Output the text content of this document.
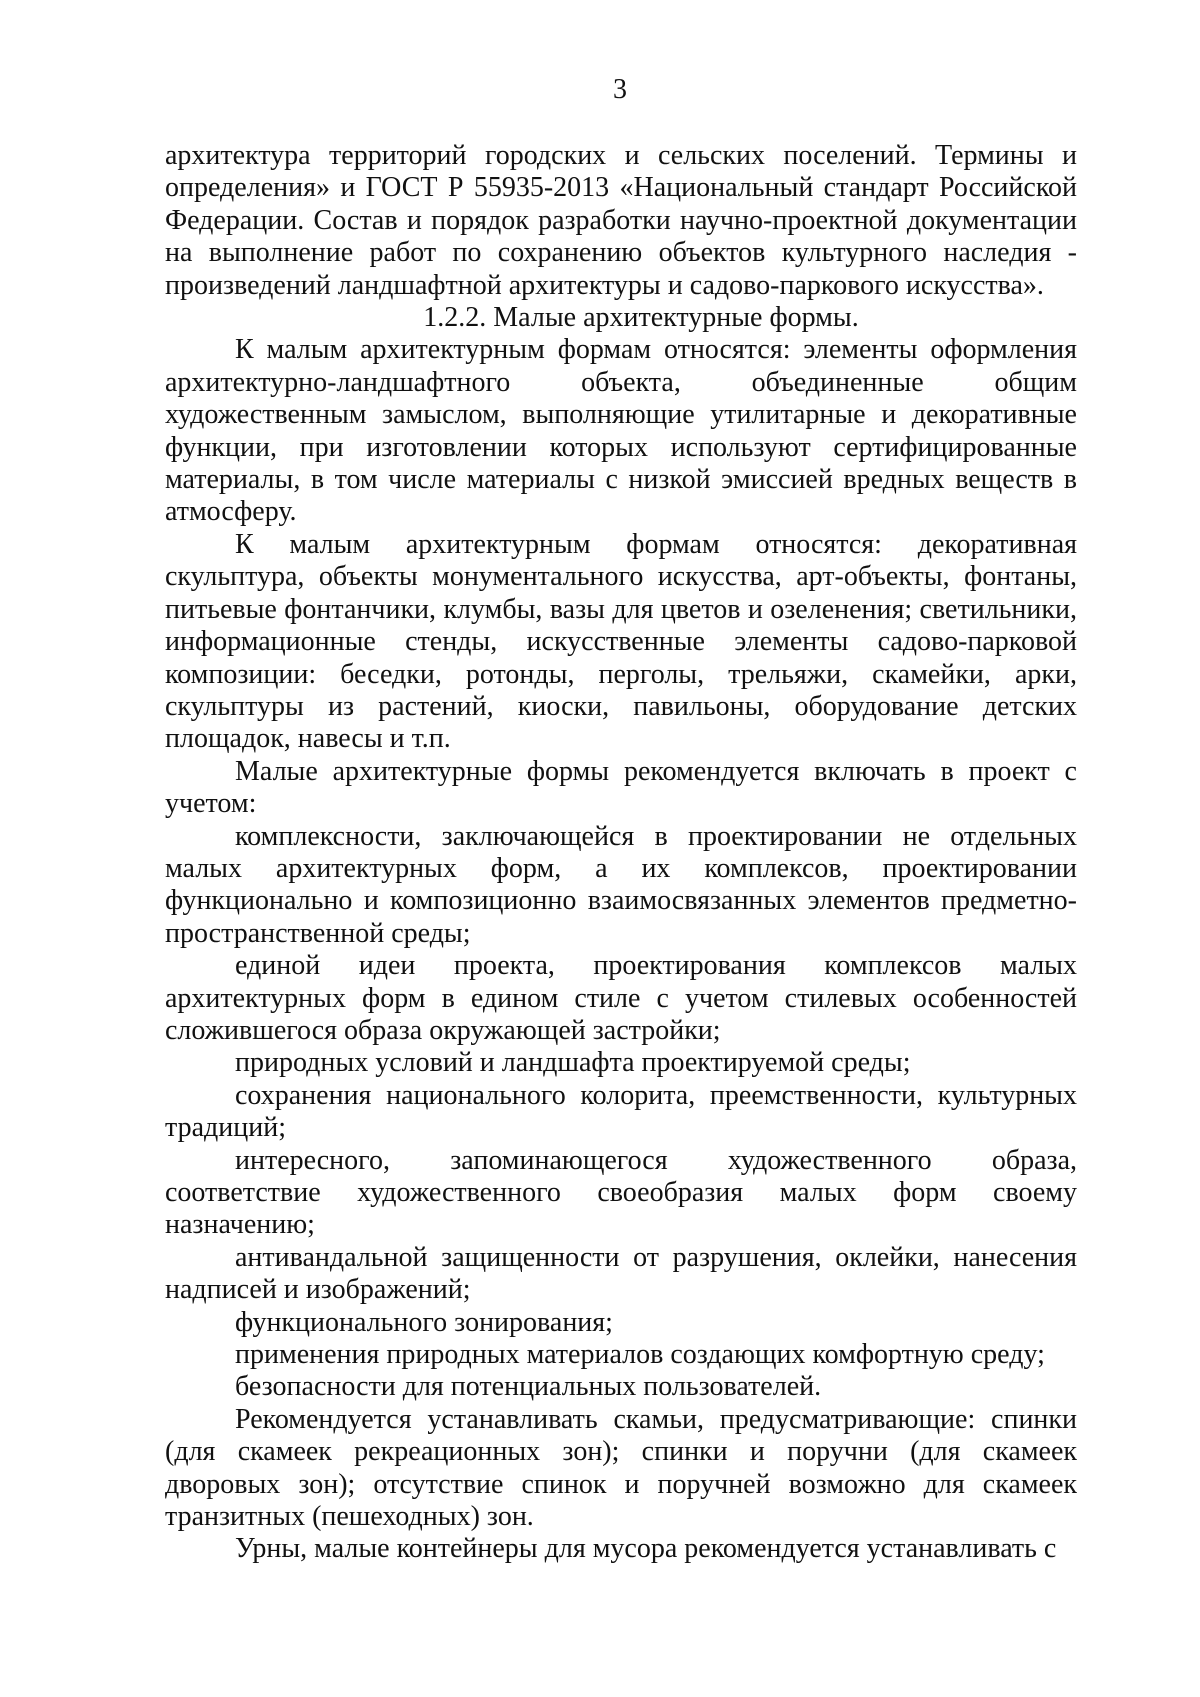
3

архитектура территорий городских и сельских поселений. Термины и определения» и ГОСТ Р 55935-2013 «Национальный стандарт Российской Федерации. Состав и порядок разработки научно-проектной документации на выполнение работ по сохранению объектов культурного наследия - произведений ландшафтной архитектуры и садово-паркового искусства».

1.2.2. Малые архитектурные формы.

К малым архитектурным формам относятся: элементы оформления архитектурно-ландшафтного объекта, объединенные общим художественным замыслом, выполняющие утилитарные и декоративные функции, при изготовлении которых используют сертифицированные материалы, в том числе материалы с низкой эмиссией вредных веществ в атмосферу.

К малым архитектурным формам относятся: декоративная скульптура, объекты монументального искусства, арт-объекты, фонтаны, питьевые фонтанчики, клумбы, вазы для цветов и озеленения; светильники, информационные стенды, искусственные элементы садово-парковой композиции: беседки, ротонды, перголы, трельяжи, скамейки, арки, скульптуры из растений, киоски, павильоны, оборудование детских площадок, навесы и т.п.

Малые архитектурные формы рекомендуется включать в проект с учетом:

комплексности, заключающейся в проектировании не отдельных малых архитектурных форм, а их комплексов, проектировании функционально и композиционно взаимосвязанных элементов предметно-пространственной среды;

единой идеи проекта, проектирования комплексов малых архитектурных форм в едином стиле с учетом стилевых особенностей сложившегося образа окружающей застройки;

природных условий и ландшафта проектируемой среды;

сохранения национального колорита, преемственности, культурных традиций;

интересного, запоминающегося художественного образа, соответствие художественного своеобразия малых форм своему назначению;

антивандальной защищенности от разрушения, оклейки, нанесения надписей и изображений;

функционального зонирования;

применения природных материалов создающих комфортную среду;

безопасности для потенциальных пользователей.

Рекомендуется устанавливать скамьи, предусматривающие: спинки (для скамеек рекреационных зон); спинки и поручни (для скамеек дворовых зон); отсутствие спинок и поручней возможно для скамеек транзитных (пешеходных) зон.

Урны, малые контейнеры для мусора рекомендуется устанавливать с
